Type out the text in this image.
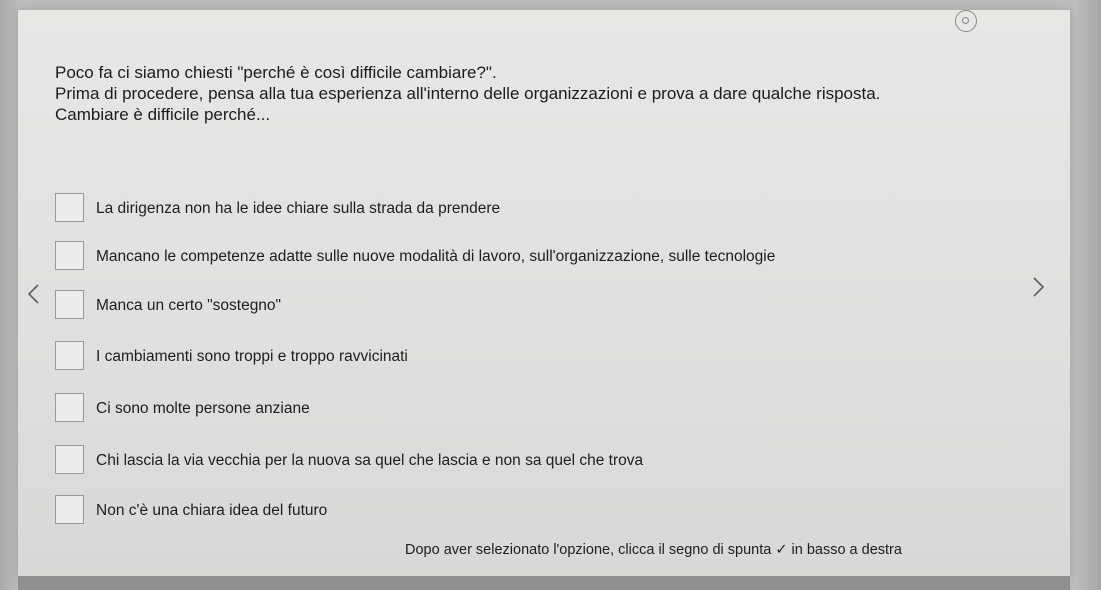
Poco fa ci siamo chiesti "perché è così difficile cambiare?".
Prima di procedere, pensa alla tua esperienza all'interno delle organizzazioni e prova a dare qualche risposta.
Cambiare è difficile perché...
La dirigenza non ha le idee chiare sulla strada da prendere
Mancano le competenze adatte sulle nuove modalità di lavoro, sull'organizzazione, sulle tecnologie
Manca un certo "sostegno"
I cambiamenti sono troppi e troppo ravvicinati
Ci sono molte persone anziane
Chi lascia la via vecchia per la nuova sa quel che lascia e non sa quel che trova
Non c'è una chiara idea del futuro
Dopo aver selezionato l'opzione, clicca il segno di spunta ✓ in basso a destra
